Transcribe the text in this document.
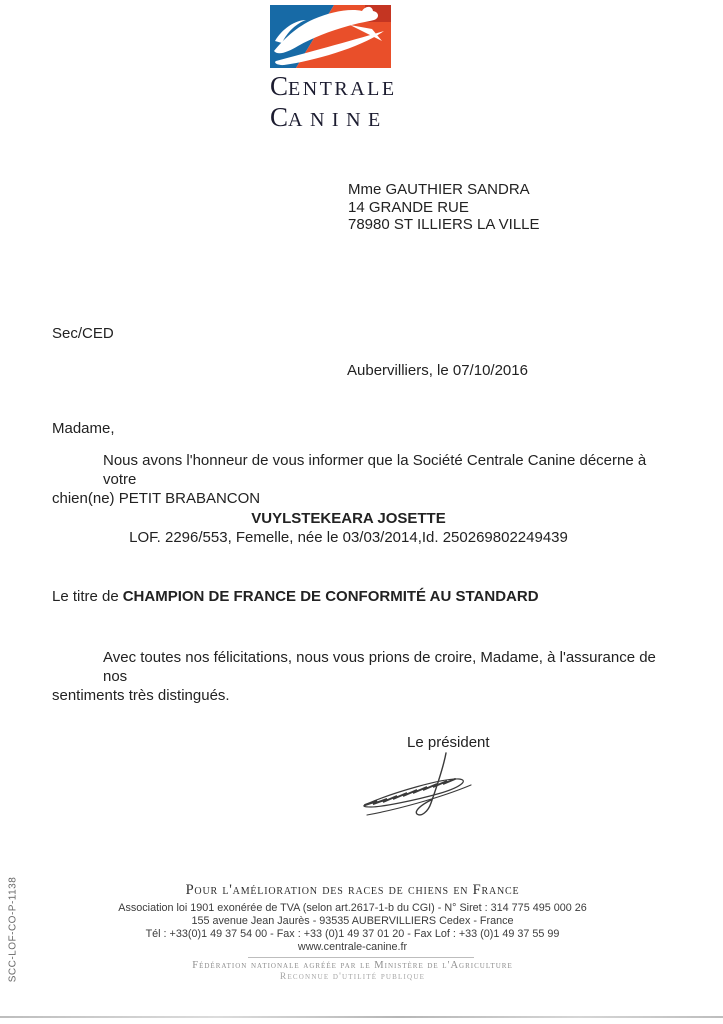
CENTRALE
CANINE
Mme GAUTHIER SANDRA
14 GRANDE RUE
78980 ST ILLIERS LA VILLE
Sec/CED
Aubervilliers, le 07/10/2016
Madame,
Nous avons l'honneur de vous informer que la Société Centrale Canine décerne à votre
chien(ne) PETIT BRABANCON
VUYLSTEKEARA JOSETTE
LOF. 2296/553, Femelle, née le 03/03/2014,Id. 250269802249439
Le titre de CHAMPION DE FRANCE DE CONFORMITÉ AU STANDARD
Avec toutes nos félicitations, nous vous prions de croire, Madame, à l'assurance de nos
sentiments très distingués.
Le président
Pour l'amélioration des races de chiens en France
Association loi 1901 exonérée de TVA (selon art.2617-1-b du CGI) - N° Siret : 314 775 495 000 26
155 avenue Jean Jaurès - 93535 AUBERVILLIERS Cedex - France
Tél : +33(0)1 49 37 54 00 - Fax : +33 (0)1 49 37 01 20 - Fax Lof : +33 (0)1 49 37 55 99
www.centrale-canine.fr
Fédération nationale agréée par le Ministère de l'Agriculture
Reconnue d'utilité publique
SCC-LOF-CO-P-1138
